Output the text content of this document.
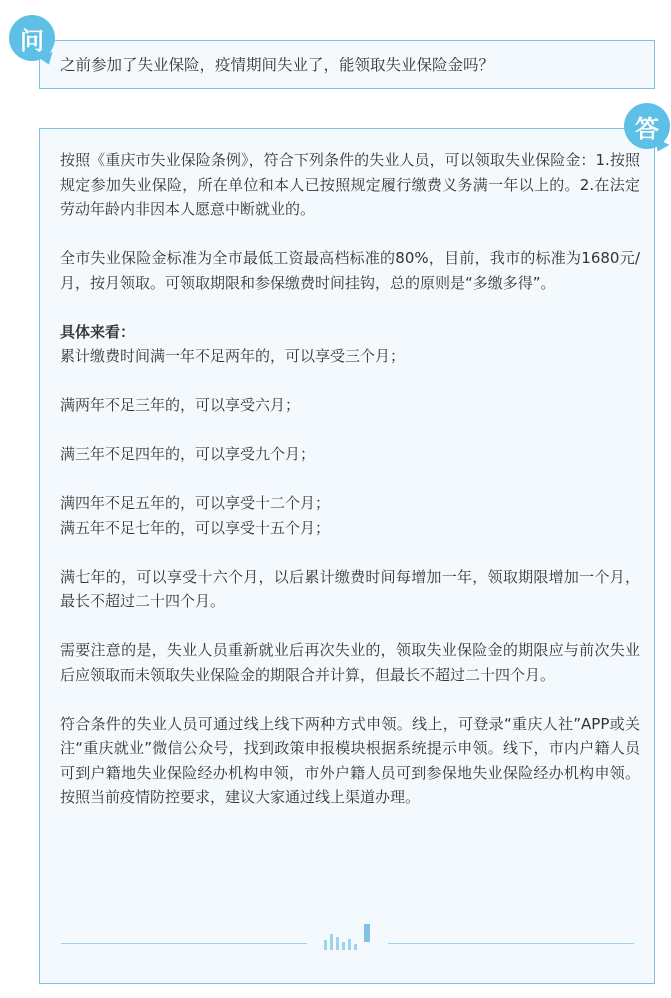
之前参加了失业保险，疫情期间失业了，能领取失业保险金吗？
问
答

按照《重庆市失业保险条例》，符合下列条件的失业人员，可以领取失业保险金：1.按照规定参加失业保险，所在单位和本人已按照规定履行缴费义务满一年以上的。2.在法定劳动年龄内非因本人愿意中断就业的。

全市失业保险金标准为全市最低工资最高档标准的80%，目前，我市的标准为1680元/月，按月领取。可领取期限和参保缴费时间挂钩，总的原则是“多缴多得”。

具体来看：

累计缴费时间满一年不足两年的，可以享受三个月；

满两年不足三年的，可以享受六月；

满三年不足四年的，可以享受九个月；

满四年不足五年的，可以享受十二个月；

满五年不足七年的，可以享受十五个月；

满七年的，可以享受十六个月，以后累计缴费时间每增加一年，领取期限增加一个月，最长不超过二十四个月。

需要注意的是，失业人员重新就业后再次失业的，领取失业保险金的期限应与前次失业后应领取而未领取失业保险金的期限合并计算，但最长不超过二十四个月。

符合条件的失业人员可通过线上线下两种方式申领。线上，可登录“重庆人社”APP或关注“重庆就业”微信公众号，找到政策申报模块根据系统提示申领。线下，市内户籍人员可到户籍地失业保险经办机构申领，市外户籍人员可到参保地失业保险经办机构申领。按照当前疫情防控要求，建议大家通过线上渠道办理。
